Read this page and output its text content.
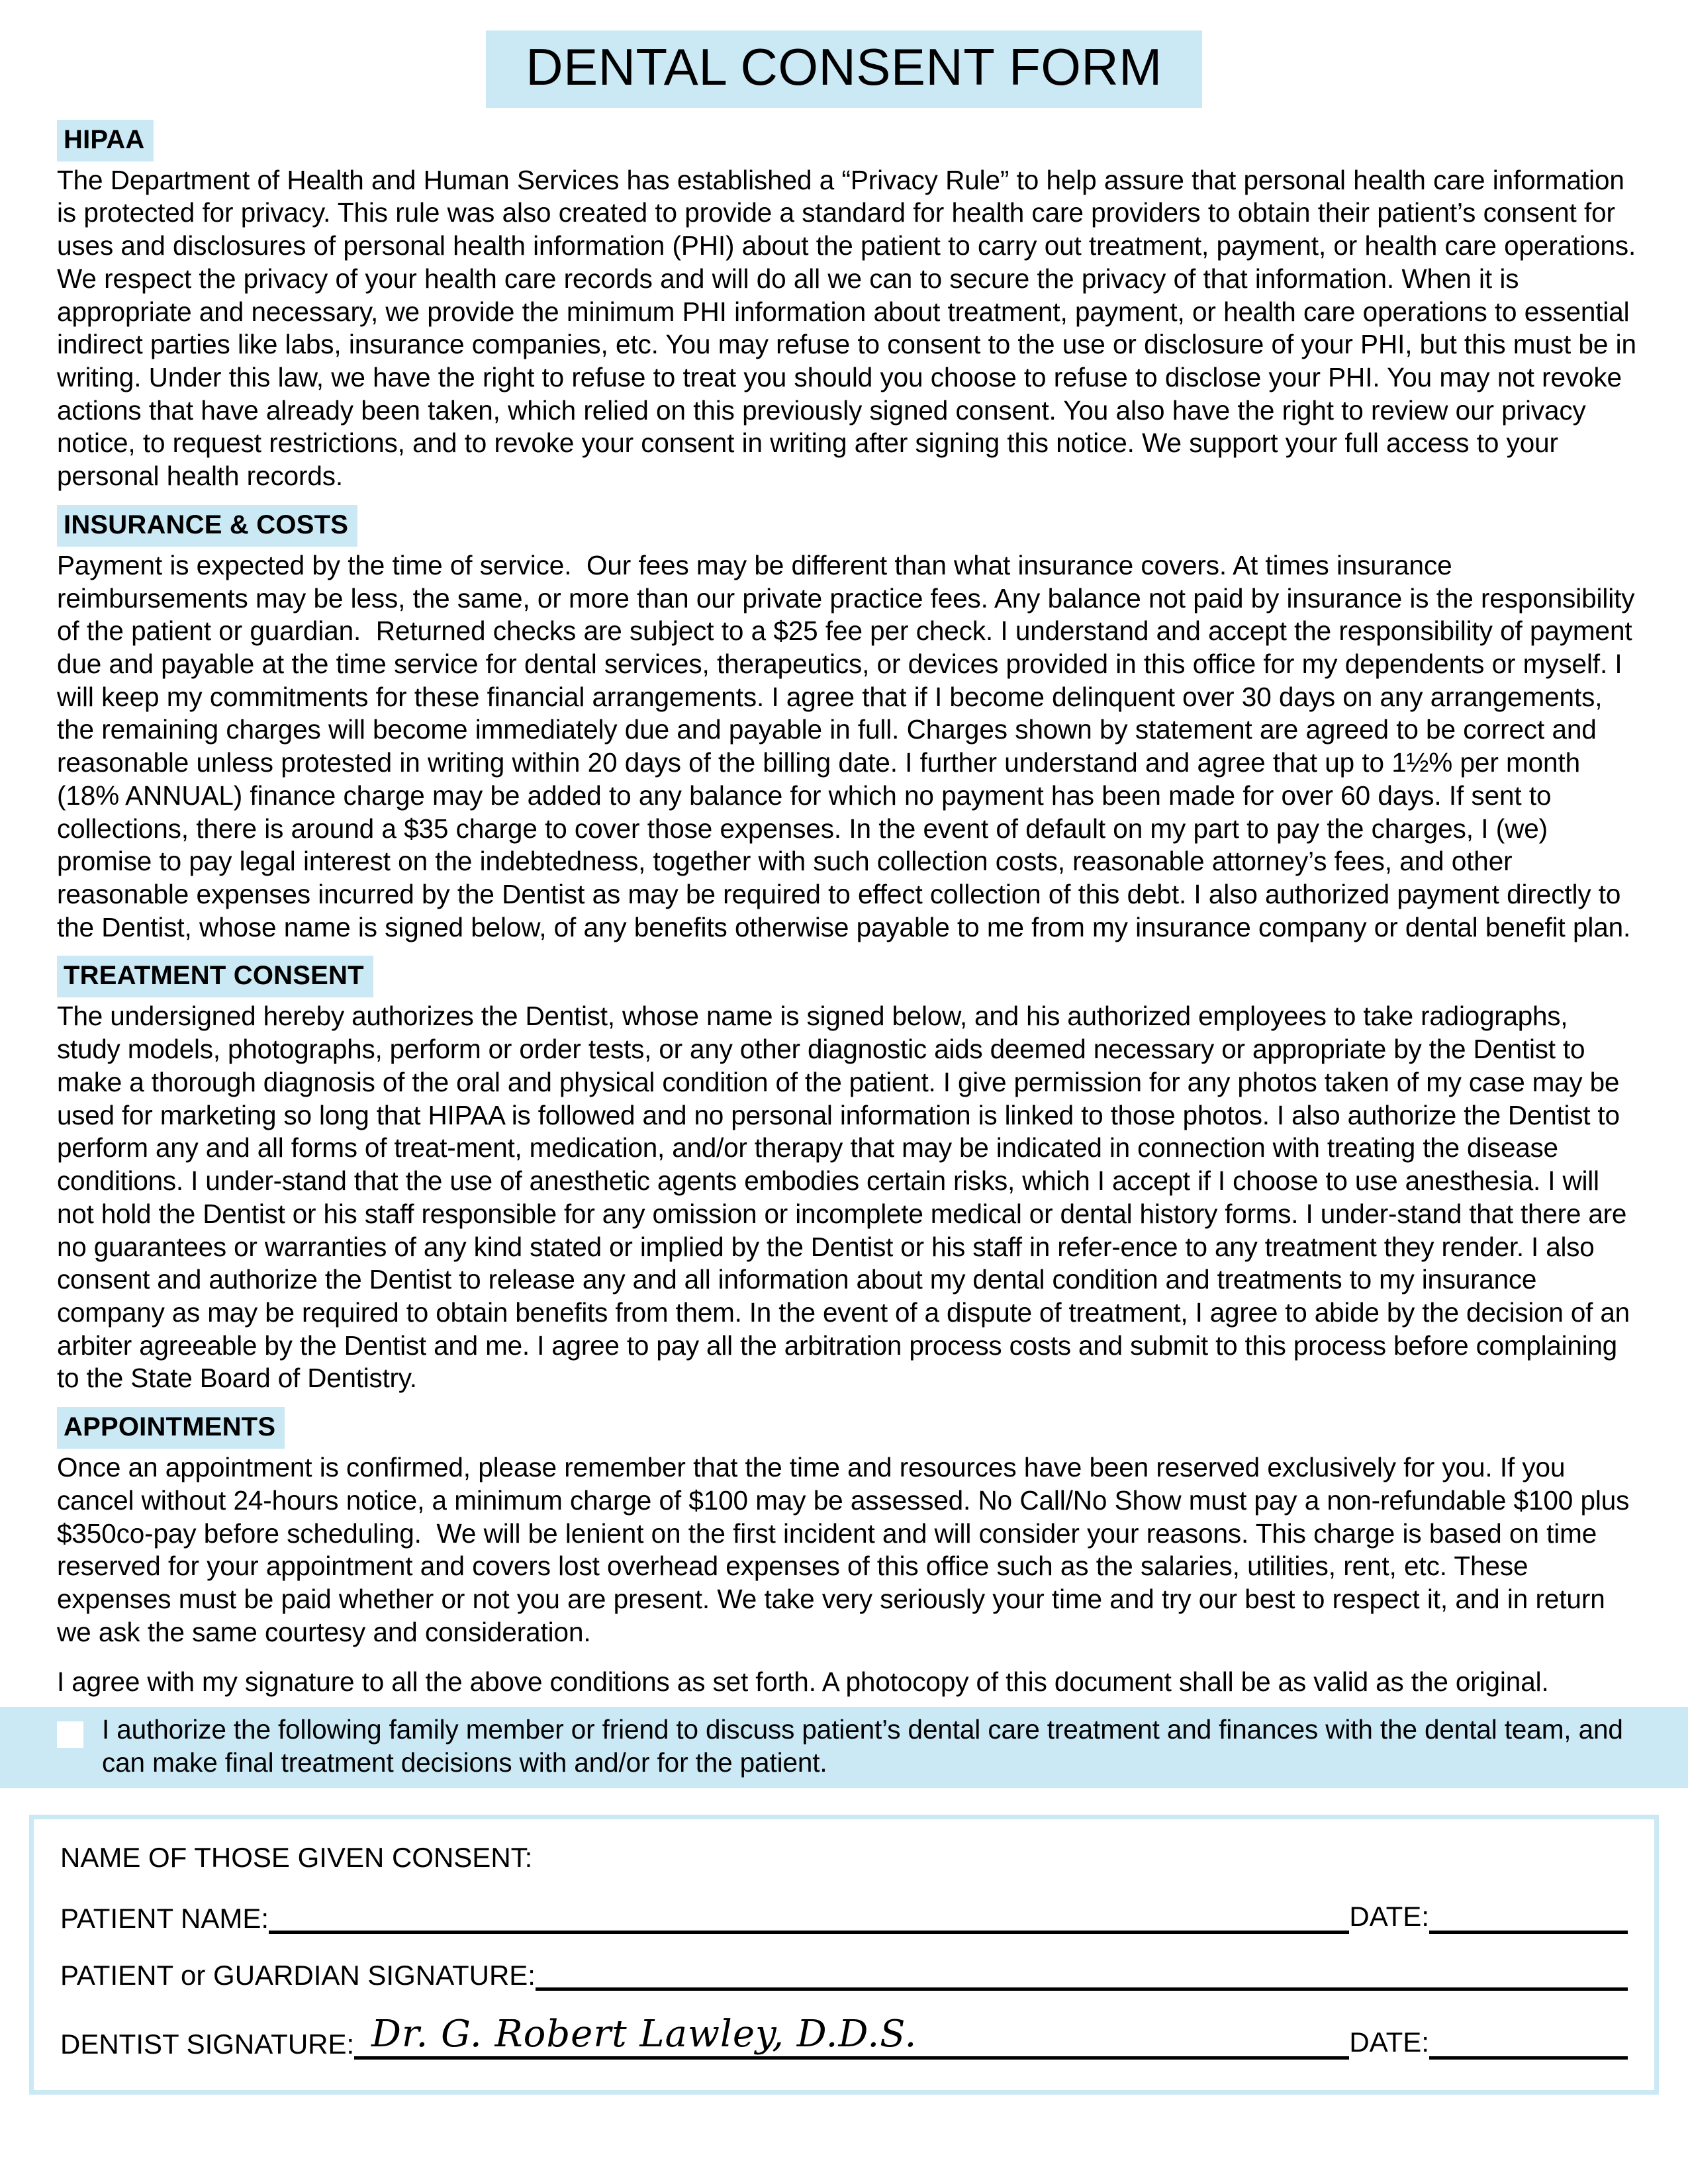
DENTAL CONSENT FORM
HIPAA
The Department of Health and Human Services has established a “Privacy Rule” to help assure that personal health care information is protected for privacy. This rule was also created to provide a standard for health care providers to obtain their patient’s consent for uses and disclosures of personal health information (PHI) about the patient to carry out treatment, payment, or health care operations. We respect the privacy of your health care records and will do all we can to secure the privacy of that information. When it is appropriate and necessary, we provide the minimum PHI information about treatment, payment, or health care operations to essential indirect parties like labs, insurance companies, etc. You may refuse to consent to the use or disclosure of your PHI, but this must be in writing. Under this law, we have the right to refuse to treat you should you choose to refuse to disclose your PHI. You may not revoke actions that have already been taken, which relied on this previously signed consent. You also have the right to review our privacy notice, to request restrictions, and to revoke your consent in writing after signing this notice. We support your full access to your personal health records.
INSURANCE & COSTS
Payment is expected by the time of service.  Our fees may be different than what insurance covers. At times insurance reimbursements may be less, the same, or more than our private practice fees. Any balance not paid by insurance is the responsibility of the patient or guardian.  Returned checks are subject to a $25 fee per check. I understand and accept the responsibility of payment due and payable at the time service for dental services, therapeutics, or devices provided in this office for my dependents or myself. I will keep my commitments for these financial arrangements. I agree that if I become delinquent over 30 days on any arrangements, the remaining charges will become immediately due and payable in full. Charges shown by statement are agreed to be correct and reasonable unless protested in writing within 20 days of the billing date. I further understand and agree that up to 1½% per month (18% ANNUAL) finance charge may be added to any balance for which no payment has been made for over 60 days. If sent to collections, there is around a $35 charge to cover those expenses. In the event of default on my part to pay the charges, I (we) promise to pay legal interest on the indebtedness, together with such collection costs, reasonable attorney’s fees, and other reasonable expenses incurred by the Dentist as may be required to effect collection of this debt. I also authorized payment directly to the Dentist, whose name is signed below, of any benefits otherwise payable to me from my insurance company or dental benefit plan.
TREATMENT CONSENT
The undersigned hereby authorizes the Dentist, whose name is signed below, and his authorized employees to take radiographs, study models, photographs, perform or order tests, or any other diagnostic aids deemed necessary or appropriate by the Dentist to make a thorough diagnosis of the oral and physical condition of the patient. I give permission for any photos taken of my case may be used for marketing so long that HIPAA is followed and no personal information is linked to those photos. I also authorize the Dentist to perform any and all forms of treat-ment, medication, and/or therapy that may be indicated in connection with treating the disease conditions. I under-stand that the use of anesthetic agents embodies certain risks, which I accept if I choose to use anesthesia. I will not hold the Dentist or his staff responsible for any omission or incomplete medical or dental history forms. I under-stand that there are no guarantees or warranties of any kind stated or implied by the Dentist or his staff in refer-ence to any treatment they render. I also consent and authorize the Dentist to release any and all information about my dental condition and treatments to my insurance company as may be required to obtain benefits from them. In the event of a dispute of treatment, I agree to abide by the decision of an arbiter agreeable by the Dentist and me. I agree to pay all the arbitration process costs and submit to this process before complaining to the State Board of Dentistry.
APPOINTMENTS
Once an appointment is confirmed, please remember that the time and resources have been reserved exclusively for you. If you cancel without 24-hours notice, a minimum charge of $100 may be assessed. No Call/No Show must pay a non-refundable $100 plus $350co-pay before scheduling.  We will be lenient on the first incident and will consider your reasons. This charge is based on time reserved for your appointment and covers lost overhead expenses of this office such as the salaries, utilities, rent, etc. These expenses must be paid whether or not you are present. We take very seriously your time and try our best to respect it, and in return we ask the same courtesy and consideration.
I agree with my signature to all the above conditions as set forth. A photocopy of this document shall be as valid as the original.
I authorize the following family member or friend to discuss patient’s dental care treatment and finances with the dental team, and can make final treatment decisions with and/or for the patient.
NAME OF THOSE GIVEN CONSENT:
PATIENT NAME:	DATE:
PATIENT or GUARDIAN SIGNATURE:
DENTIST SIGNATURE:	DATE:
Dr. G. Robert Lawley, D.D.S.
